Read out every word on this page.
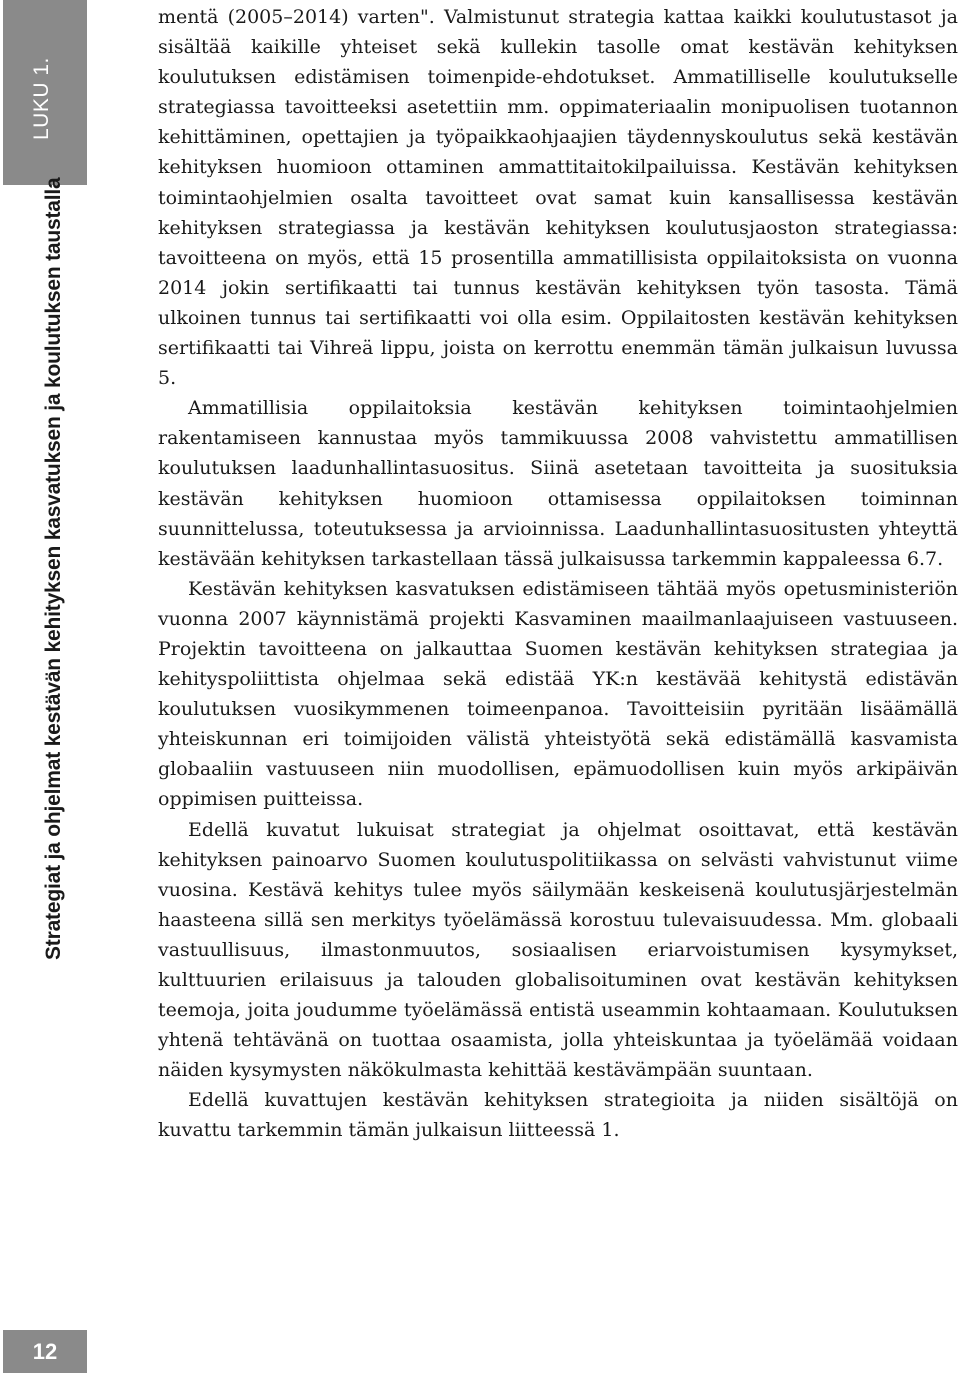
LUKU 1.
Strategiat ja ohjelmat kestävän kehityksen kasvatuksen ja koulutuksen taustalla
12

mentä (2005–2014) varten". Valmistunut strategia kattaa kaikki koulutustasot ja sisältää kaikille yhteiset sekä kullekin tasolle omat kestävän kehityksen koulutuksen edistämisen toimenpide-ehdotukset. Ammatilliselle koulutukselle strategiassa tavoitteeksi asetettiin mm. oppimateriaalin monipuolisen tuotannon kehittäminen, opettajien ja työpaikkaohjaajien täydennyskoulutus sekä kestävän kehityksen huomioon ottaminen ammattitaitokilpailuissa. Kestävän kehityksen toimintaohjelmien osalta tavoitteet ovat samat kuin kansallisessa kestävän kehityksen strategiassa ja kestävän kehityksen koulutusjaoston strategiassa: tavoitteena on myös, että 15 prosentilla ammatillisista oppilaitoksista on vuonna 2014 jokin sertifikaatti tai tunnus kestävän kehityksen työn tasosta. Tämä ulkoinen tunnus tai sertifikaatti voi olla esim. Oppilaitosten kestävän kehityksen sertifikaatti tai Vihreä lippu, joista on kerrottu enemmän tämän julkaisun luvussa 5.

Ammatillisia oppilaitoksia kestävän kehityksen toimintaohjelmien rakentamiseen kannustaa myös tammikuussa 2008 vahvistettu ammatillisen koulutuksen laadunhallintasuositus. Siinä asetetaan tavoitteita ja suosituksia kestävän kehityksen huomioon ottamisessa oppilaitoksen toiminnan suunnittelussa, toteutuksessa ja arvioinnissa. Laadunhallintasuositusten yhteyttä kestävään kehityksen tarkastellaan tässä julkaisussa tarkemmin kappaleessa 6.7.

Kestävän kehityksen kasvatuksen edistämiseen tähtää myös opetusministeriön vuonna 2007 käynnistämä projekti Kasvaminen maailmanlaajuiseen vastuuseen. Projektin tavoitteena on jalkauttaa Suomen kestävän kehityksen strategiaa ja kehityspoliittista ohjelmaa sekä edistää YK:n kestävää kehitystä edistävän koulutuksen vuosikymmenen toimeenpanoa. Tavoitteisiin pyritään lisäämällä yhteiskunnan eri toimijoiden välistä yhteistyötä sekä edistämällä kasvamista globaaliin vastuuseen niin muodollisen, epämuodollisen kuin myös arkipäivän oppimisen puitteissa.

Edellä kuvatut lukuisat strategiat ja ohjelmat osoittavat, että kestävän kehityksen painoarvo Suomen koulutuspolitiikassa on selvästi vahvistunut viime vuosina. Kestävä kehitys tulee myös säilymään keskeisenä koulutusjärjestelmän haasteena sillä sen merkitys työelämässä korostuu tulevaisuudessa. Mm. globaali vastuullisuus, ilmastonmuutos, sosiaalisen eriarvoistumisen kysymykset, kulttuurien erilaisuus ja talouden globalisoituminen ovat kestävän kehityksen teemoja, joita joudumme työelämässä entistä useammin kohtaamaan. Koulutuksen yhtenä tehtävänä on tuottaa osaamista, jolla yhteiskuntaa ja työelämää voidaan näiden kysymysten näkökulmasta kehittää kestävämpään suuntaan.

Edellä kuvattujen kestävän kehityksen strategioita ja niiden sisältöjä on kuvattu tarkemmin tämän julkaisun liitteessä 1.
